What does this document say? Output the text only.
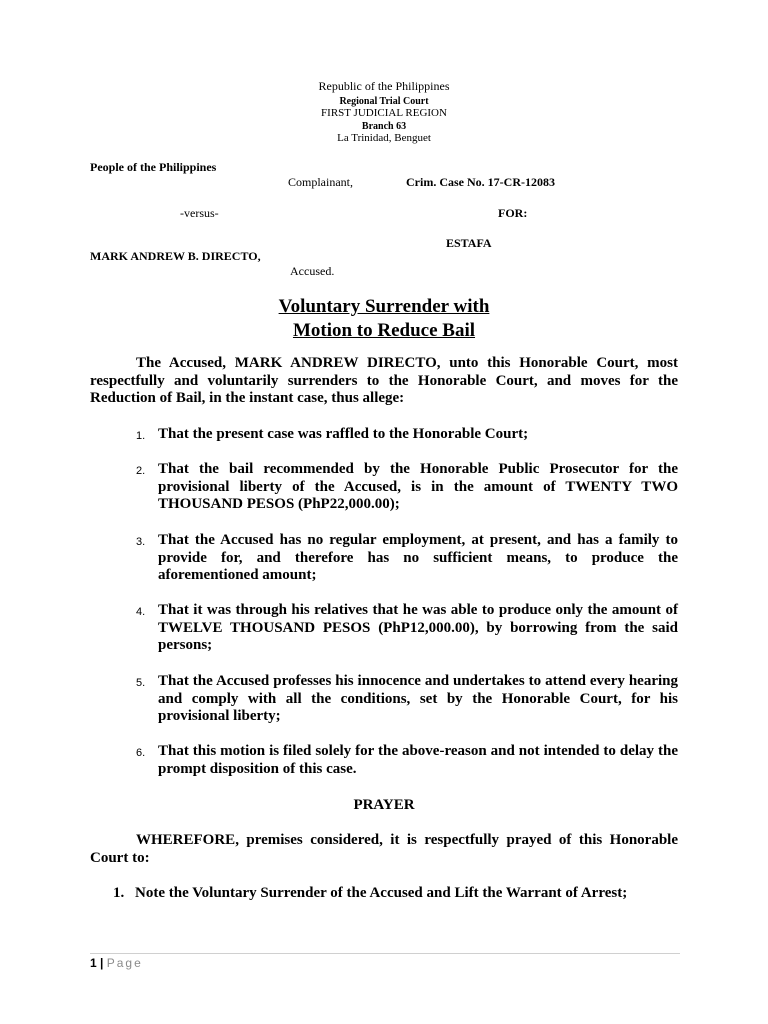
Republic of the Philippines
Regional Trial Court
FIRST JUDICIAL REGION
Branch 63
La Trinidad, Benguet
People of the Philippines
Complainant,	Crim. Case No. 17-CR-12083
-versus-	FOR:
ESTAFA
MARK ANDREW B. DIRECTO,
Accused.
Voluntary Surrender with
Motion to Reduce Bail
The Accused, MARK ANDREW DIRECTO, unto this Honorable Court, most respectfully and voluntarily surrenders to the Honorable Court, and moves for the Reduction of Bail, in the instant case, thus allege:
1. That the present case was raffled to the Honorable Court;
2. That the bail recommended by the Honorable Public Prosecutor for the provisional liberty of the Accused, is in the amount of TWENTY TWO THOUSAND PESOS (PhP22,000.00);
3. That the Accused has no regular employment, at present, and has a family to provide for, and therefore has no sufficient means, to produce the aforementioned amount;
4. That it was through his relatives that he was able to produce only the amount of TWELVE THOUSAND PESOS (PhP12,000.00), by borrowing from the said persons;
5. That the Accused professes his innocence and undertakes to attend every hearing and comply with all the conditions, set by the Honorable Court, for his provisional liberty;
6. That this motion is filed solely for the above-reason and not intended to delay the prompt disposition of this case.
PRAYER
WHEREFORE, premises considered, it is respectfully prayed of this Honorable Court to:
1. Note the Voluntary Surrender of the Accused and Lift the Warrant of Arrest;
1 | Page
